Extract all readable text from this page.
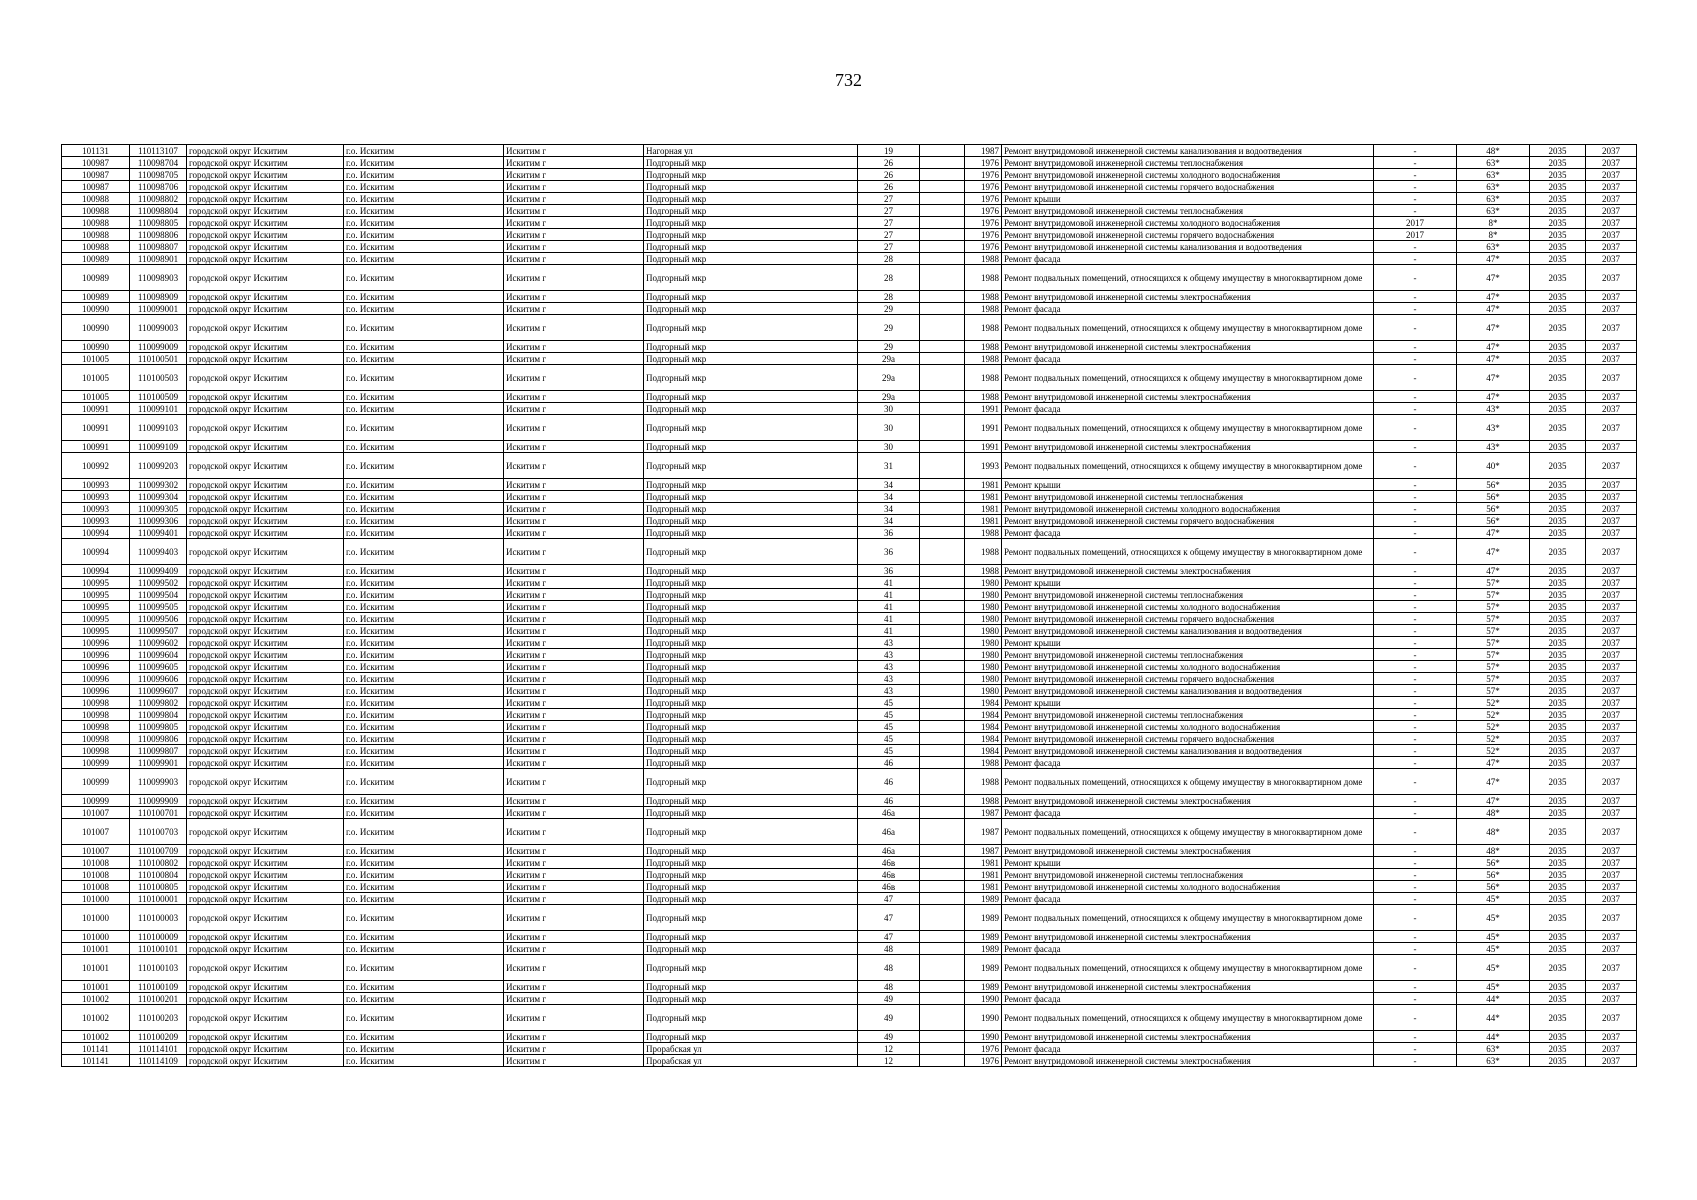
732
101131	110113107	городской округ Искитим	г.о. Искитим	Искитим г	Нагорная ул	19		1987	Ремонт внутридомовой инженерной системы канализования и водоотведения	-	48*	2035	2037
100987	110098704	городской округ Искитим	г.о. Искитим	Искитим г	Подгорный мкр	26		1976	Ремонт внутридомовой инженерной системы теплоснабжения	-	63*	2035	2037
100987	110098705	городской округ Искитим	г.о. Искитим	Искитим г	Подгорный мкр	26		1976	Ремонт внутридомовой инженерной системы холодного водоснабжения	-	63*	2035	2037
100987	110098706	городской округ Искитим	г.о. Искитим	Искитим г	Подгорный мкр	26		1976	Ремонт внутридомовой инженерной системы горячего водоснабжения	-	63*	2035	2037
100988	110098802	городской округ Искитим	г.о. Искитим	Искитим г	Подгорный мкр	27		1976	Ремонт крыши	-	63*	2035	2037
100988	110098804	городской округ Искитим	г.о. Искитим	Искитим г	Подгорный мкр	27		1976	Ремонт внутридомовой инженерной системы теплоснабжения	-	63*	2035	2037
100988	110098805	городской округ Искитим	г.о. Искитим	Искитим г	Подгорный мкр	27		1976	Ремонт внутридомовой инженерной системы холодного водоснабжения	2017	8*	2035	2037
100988	110098806	городской округ Искитим	г.о. Искитим	Искитим г	Подгорный мкр	27		1976	Ремонт внутридомовой инженерной системы горячего водоснабжения	2017	8*	2035	2037
100988	110098807	городской округ Искитим	г.о. Искитим	Искитим г	Подгорный мкр	27		1976	Ремонт внутридомовой инженерной системы канализования и водоотведения	-	63*	2035	2037
100989	110098901	городской округ Искитим	г.о. Искитим	Искитим г	Подгорный мкр	28		1988	Ремонт фасада	-	47*	2035	2037
100989	110098903	городской округ Искитим	г.о. Искитим	Искитим г	Подгорный мкр	28		1988	Ремонт подвальных помещений, относящихся к общему имуществу в многоквартирном доме	-	47*	2035	2037
100989	110098909	городской округ Искитим	г.о. Искитим	Искитим г	Подгорный мкр	28		1988	Ремонт внутридомовой инженерной системы электроснабжения	-	47*	2035	2037
100990	110099001	городской округ Искитим	г.о. Искитим	Искитим г	Подгорный мкр	29		1988	Ремонт фасада	-	47*	2035	2037
100990	110099003	городской округ Искитим	г.о. Искитим	Искитим г	Подгорный мкр	29		1988	Ремонт подвальных помещений, относящихся к общему имуществу в многоквартирном доме	-	47*	2035	2037
100990	110099009	городской округ Искитим	г.о. Искитим	Искитим г	Подгорный мкр	29		1988	Ремонт внутридомовой инженерной системы электроснабжения	-	47*	2035	2037
101005	110100501	городской округ Искитим	г.о. Искитим	Искитим г	Подгорный мкр	29а		1988	Ремонт фасада	-	47*	2035	2037
101005	110100503	городской округ Искитим	г.о. Искитим	Искитим г	Подгорный мкр	29а		1988	Ремонт подвальных помещений, относящихся к общему имуществу в многоквартирном доме	-	47*	2035	2037
101005	110100509	городской округ Искитим	г.о. Искитим	Искитим г	Подгорный мкр	29а		1988	Ремонт внутридомовой инженерной системы электроснабжения	-	47*	2035	2037
100991	110099101	городской округ Искитим	г.о. Искитим	Искитим г	Подгорный мкр	30		1991	Ремонт фасада	-	43*	2035	2037
100991	110099103	городской округ Искитим	г.о. Искитим	Искитим г	Подгорный мкр	30		1991	Ремонт подвальных помещений, относящихся к общему имуществу в многоквартирном доме	-	43*	2035	2037
100991	110099109	городской округ Искитим	г.о. Искитим	Искитим г	Подгорный мкр	30		1991	Ремонт внутридомовой инженерной системы электроснабжения	-	43*	2035	2037
100992	110099203	городской округ Искитим	г.о. Искитим	Искитим г	Подгорный мкр	31		1993	Ремонт подвальных помещений, относящихся к общему имуществу в многоквартирном доме	-	40*	2035	2037
100993	110099302	городской округ Искитим	г.о. Искитим	Искитим г	Подгорный мкр	34		1981	Ремонт крыши	-	56*	2035	2037
100993	110099304	городской округ Искитим	г.о. Искитим	Искитим г	Подгорный мкр	34		1981	Ремонт внутридомовой инженерной системы теплоснабжения	-	56*	2035	2037
100993	110099305	городской округ Искитим	г.о. Искитим	Искитим г	Подгорный мкр	34		1981	Ремонт внутридомовой инженерной системы холодного водоснабжения	-	56*	2035	2037
100993	110099306	городской округ Искитим	г.о. Искитим	Искитим г	Подгорный мкр	34		1981	Ремонт внутридомовой инженерной системы горячего водоснабжения	-	56*	2035	2037
100994	110099401	городской округ Искитим	г.о. Искитим	Искитим г	Подгорный мкр	36		1988	Ремонт фасада	-	47*	2035	2037
100994	110099403	городской округ Искитим	г.о. Искитим	Искитим г	Подгорный мкр	36		1988	Ремонт подвальных помещений, относящихся к общему имуществу в многоквартирном доме	-	47*	2035	2037
100994	110099409	городской округ Искитим	г.о. Искитим	Искитим г	Подгорный мкр	36		1988	Ремонт внутридомовой инженерной системы электроснабжения	-	47*	2035	2037
100995	110099502	городской округ Искитим	г.о. Искитим	Искитим г	Подгорный мкр	41		1980	Ремонт крыши	-	57*	2035	2037
100995	110099504	городской округ Искитим	г.о. Искитим	Искитим г	Подгорный мкр	41		1980	Ремонт внутридомовой инженерной системы теплоснабжения	-	57*	2035	2037
100995	110099505	городской округ Искитим	г.о. Искитим	Искитим г	Подгорный мкр	41		1980	Ремонт внутридомовой инженерной системы холодного водоснабжения	-	57*	2035	2037
100995	110099506	городской округ Искитим	г.о. Искитим	Искитим г	Подгорный мкр	41		1980	Ремонт внутридомовой инженерной системы горячего водоснабжения	-	57*	2035	2037
100995	110099507	городской округ Искитим	г.о. Искитим	Искитим г	Подгорный мкр	41		1980	Ремонт внутридомовой инженерной системы канализования и водоотведения	-	57*	2035	2037
100996	110099602	городской округ Искитим	г.о. Искитим	Искитим г	Подгорный мкр	43		1980	Ремонт крыши	-	57*	2035	2037
100996	110099604	городской округ Искитим	г.о. Искитим	Искитим г	Подгорный мкр	43		1980	Ремонт внутридомовой инженерной системы теплоснабжения	-	57*	2035	2037
100996	110099605	городской округ Искитим	г.о. Искитим	Искитим г	Подгорный мкр	43		1980	Ремонт внутридомовой инженерной системы холодного водоснабжения	-	57*	2035	2037
100996	110099606	городской округ Искитим	г.о. Искитим	Искитим г	Подгорный мкр	43		1980	Ремонт внутридомовой инженерной системы горячего водоснабжения	-	57*	2035	2037
100996	110099607	городской округ Искитим	г.о. Искитим	Искитим г	Подгорный мкр	43		1980	Ремонт внутридомовой инженерной системы канализования и водоотведения	-	57*	2035	2037
100998	110099802	городской округ Искитим	г.о. Искитим	Искитим г	Подгорный мкр	45		1984	Ремонт крыши	-	52*	2035	2037
100998	110099804	городской округ Искитим	г.о. Искитим	Искитим г	Подгорный мкр	45		1984	Ремонт внутридомовой инженерной системы теплоснабжения	-	52*	2035	2037
100998	110099805	городской округ Искитим	г.о. Искитим	Искитим г	Подгорный мкр	45		1984	Ремонт внутридомовой инженерной системы холодного водоснабжения	-	52*	2035	2037
100998	110099806	городской округ Искитим	г.о. Искитим	Искитим г	Подгорный мкр	45		1984	Ремонт внутридомовой инженерной системы горячего водоснабжения	-	52*	2035	2037
100998	110099807	городской округ Искитим	г.о. Искитим	Искитим г	Подгорный мкр	45		1984	Ремонт внутридомовой инженерной системы канализования и водоотведения	-	52*	2035	2037
100999	110099901	городской округ Искитим	г.о. Искитим	Искитим г	Подгорный мкр	46		1988	Ремонт фасада	-	47*	2035	2037
100999	110099903	городской округ Искитим	г.о. Искитим	Искитим г	Подгорный мкр	46		1988	Ремонт подвальных помещений, относящихся к общему имуществу в многоквартирном доме	-	47*	2035	2037
100999	110099909	городской округ Искитим	г.о. Искитим	Искитим г	Подгорный мкр	46		1988	Ремонт внутридомовой инженерной системы электроснабжения	-	47*	2035	2037
101007	110100701	городской округ Искитим	г.о. Искитим	Искитим г	Подгорный мкр	46а		1987	Ремонт фасада	-	48*	2035	2037
101007	110100703	городской округ Искитим	г.о. Искитим	Искитим г	Подгорный мкр	46а		1987	Ремонт подвальных помещений, относящихся к общему имуществу в многоквартирном доме	-	48*	2035	2037
101007	110100709	городской округ Искитим	г.о. Искитим	Искитим г	Подгорный мкр	46а		1987	Ремонт внутридомовой инженерной системы электроснабжения	-	48*	2035	2037
101008	110100802	городской округ Искитим	г.о. Искитим	Искитим г	Подгорный мкр	46в		1981	Ремонт крыши	-	56*	2035	2037
101008	110100804	городской округ Искитим	г.о. Искитим	Искитим г	Подгорный мкр	46в		1981	Ремонт внутридомовой инженерной системы теплоснабжения	-	56*	2035	2037
101008	110100805	городской округ Искитим	г.о. Искитим	Искитим г	Подгорный мкр	46в		1981	Ремонт внутридомовой инженерной системы холодного водоснабжения	-	56*	2035	2037
101000	110100001	городской округ Искитим	г.о. Искитим	Искитим г	Подгорный мкр	47		1989	Ремонт фасада	-	45*	2035	2037
101000	110100003	городской округ Искитим	г.о. Искитим	Искитим г	Подгорный мкр	47		1989	Ремонт подвальных помещений, относящихся к общему имуществу в многоквартирном доме	-	45*	2035	2037
101000	110100009	городской округ Искитим	г.о. Искитим	Искитим г	Подгорный мкр	47		1989	Ремонт внутридомовой инженерной системы электроснабжения	-	45*	2035	2037
101001	110100101	городской округ Искитим	г.о. Искитим	Искитим г	Подгорный мкр	48		1989	Ремонт фасада	-	45*	2035	2037
101001	110100103	городской округ Искитим	г.о. Искитим	Искитим г	Подгорный мкр	48		1989	Ремонт подвальных помещений, относящихся к общему имуществу в многоквартирном доме	-	45*	2035	2037
101001	110100109	городской округ Искитим	г.о. Искитим	Искитим г	Подгорный мкр	48		1989	Ремонт внутридомовой инженерной системы электроснабжения	-	45*	2035	2037
101002	110100201	городской округ Искитим	г.о. Искитим	Искитим г	Подгорный мкр	49		1990	Ремонт фасада	-	44*	2035	2037
101002	110100203	городской округ Искитим	г.о. Искитим	Искитим г	Подгорный мкр	49		1990	Ремонт подвальных помещений, относящихся к общему имуществу в многоквартирном доме	-	44*	2035	2037
101002	110100209	городской округ Искитим	г.о. Искитим	Искитим г	Подгорный мкр	49		1990	Ремонт внутридомовой инженерной системы электроснабжения	-	44*	2035	2037
101141	110114101	городской округ Искитим	г.о. Искитим	Искитим г	Прорабская ул	12		1976	Ремонт фасада	-	63*	2035	2037
101141	110114109	городской округ Искитим	г.о. Искитим	Искитим г	Прорабская ул	12		1976	Ремонт внутридомовой инженерной системы электроснабжения	-	63*	2035	2037
